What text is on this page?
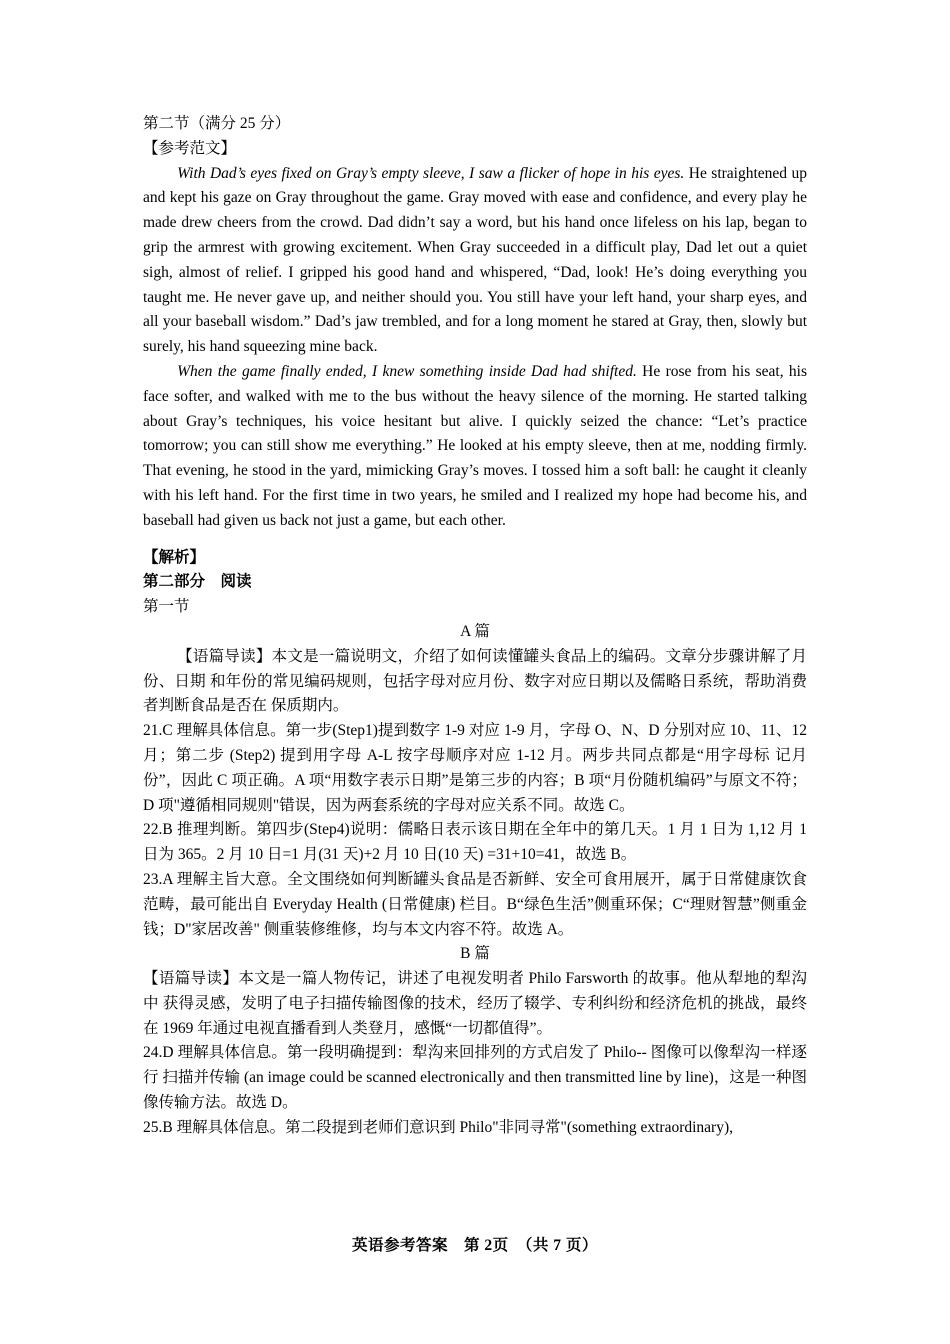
第二节（满分 25 分）
【参考范文】

With Dad’s eyes fixed on Gray’s empty sleeve, I saw a flicker of hope in his eyes. He straightened up and kept his gaze on Gray throughout the game. Gray moved with ease and confidence, and every play he made drew cheers from the crowd. Dad didn’t say a word, but his hand once lifeless on his lap, began to grip the armrest with growing excitement. When Gray succeeded in a difficult play, Dad let out a quiet sigh, almost of relief. I gripped his good hand and whispered, “Dad, look! He’s doing everything you taught me. He never gave up, and neither should you. You still have your left hand, your sharp eyes, and all your baseball wisdom.” Dad’s jaw trembled, and for a long moment he stared at Gray, then, slowly but surely, his hand squeezing mine back.

When the game finally ended, I knew something inside Dad had shifted. He rose from his seat, his face softer, and walked with me to the bus without the heavy silence of the morning. He started talking about Gray’s techniques, his voice hesitant but alive. I quickly seized the chance: “Let’s practice tomorrow; you can still show me everything.” He looked at his empty sleeve, then at me, nodding firmly. That evening, he stood in the yard, mimicking Gray’s moves. I tossed him a soft ball: he caught it cleanly with his left hand. For the first time in two years, he smiled and I realized my hope had become his, and baseball had given us back not just a game, but each other.

【解析】
第二部分　阅读
第一节
A 篇

【语篇导读】本文是一篇说明文，介绍了如何读懂罐头食品上的编码。文章分步骤讲解了月份、日期 和年份的常见编码规则，包括字母对应月份、数字对应日期以及儒略日系统，帮助消费者判断食品是否在 保质期内。

21.C 理解具体信息。第一步(Step1)提到数字 1-9 对应 1-9 月，字母 O、N、D 分别对应 10、11、12 月；第二步 (Step2) 提到用字母 A-L 按字母顺序对应 1-12 月。两步共同点都是“用字母标 记月份”，因此 C 项正确。A 项“用数字表示日期”是第三步的内容；B 项“月份随机编码”与原文不符；D 项"遵循相同规则"错误，因为两套系统的字母对应关系不同。故选 C。

22.B 推理判断。第四步(Step4)说明：儒略日表示该日期在全年中的第几天。1 月 1 日为 1,12 月 1 日为 365。2 月 10 日=1 月(31 天)+2 月 10 日(10 天) =31+10=41，故选 B。

23.A 理解主旨大意。全文围绕如何判断罐头食品是否新鲜、安全可食用展开，属于日常健康饮食范畴，最可能出自 Everyday Health (日常健康) 栏目。B“绿色生活”侧重环保；C“理财智慧”侧重金钱；D"家居改善" 侧重装修维修，均与本文内容不符。故选 A。

B 篇

【语篇导读】本文是一篇人物传记，讲述了电视发明者 Philo Farsworth 的故事。他从犁地的犁沟中 获得灵感，发明了电子扫描传输图像的技术，经历了辍学、专利纠纷和经济危机的挑战，最终在 1969 年通过电视直播看到人类登月，感慨“一切都值得”。

24.D 理解具体信息。第一段明确提到：犁沟来回排列的方式启发了 Philo-- 图像可以像犁沟一样逐行 扫描并传输 (an image could be scanned electronically and then transmitted line by line)，这是一种图 像传输方法。故选 D。

25.B 理解具体信息。第二段提到老师们意识到 Philo"非同寻常"(something extraordinary),

英语参考答案　第 2页　（共 7 页）
